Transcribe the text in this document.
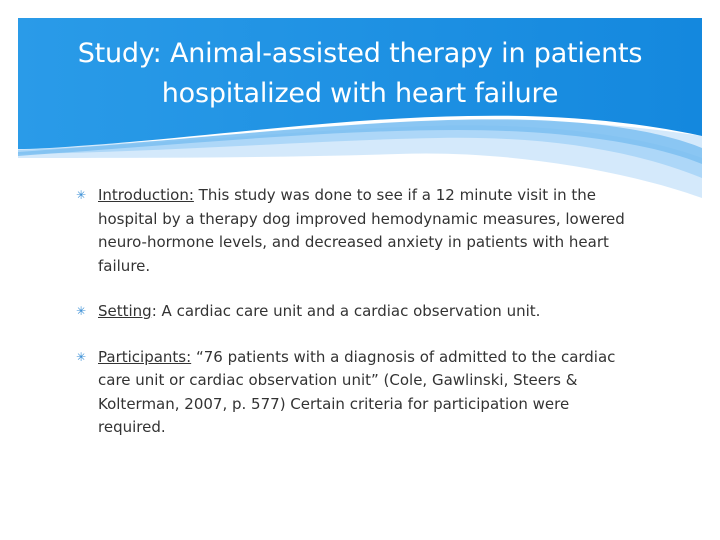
Study: Animal-assisted therapy in patients hospitalized with heart failure
✳ Introduction: This study was done to see if a 12 minute visit in the hospital by a therapy dog improved hemodynamic measures, lowered neuro-hormone levels, and decreased anxiety in patients with heart failure.
✳ Setting: A cardiac care unit and a cardiac observation unit.
✳ Participants: “76 patients with a diagnosis of admitted to the cardiac care unit or cardiac observation unit” (Cole, Gawlinski, Steers & Kolterman, 2007, p. 577) Certain criteria for participation were required.
